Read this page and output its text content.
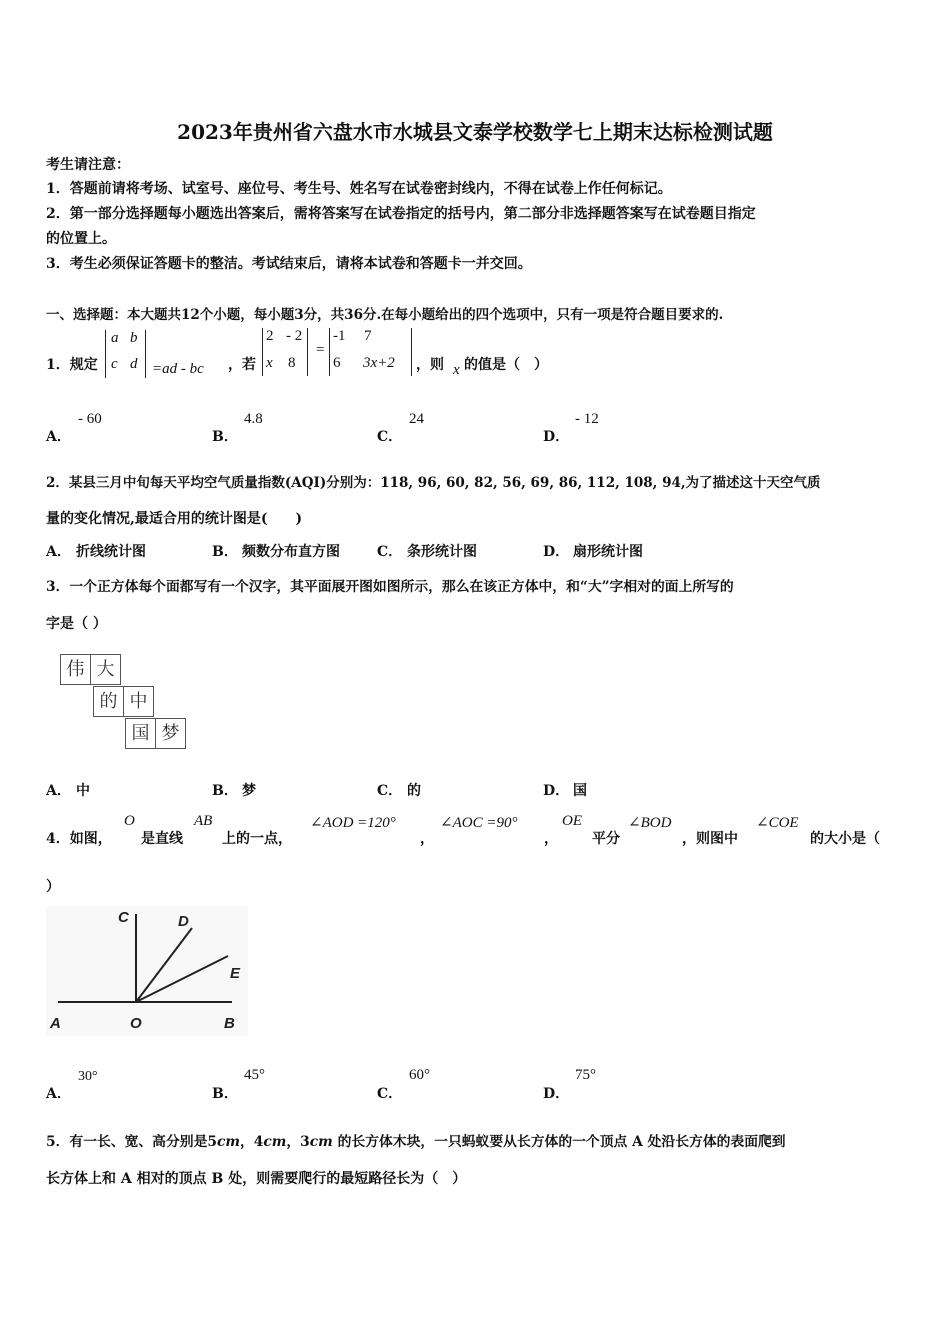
2023年贵州省六盘水市水城县文泰学校数学七上期末达标检测试题
考生请注意：
1．答题前请将考场、试室号、座位号、考生号、姓名写在试卷密封线内，不得在试卷上作任何标记。
2．第一部分选择题每小题选出答案后，需将答案写在试卷指定的括号内，第二部分非选择题答案写在试卷题目指定
的位置上。
3．考生必须保证答题卡的整洁。考试结束后，请将本试卷和答题卡一并交回。
一、选择题：本大题共12个小题，每小题3分，共36分.在每小题给出的四个选项中，只有一项是符合题目要求的.
1．规定
a b
c d =ad - bc ，若
2 - 2
x 8
=
-1 7
6 3x+2 ，则 x 的值是（　）
A．
- 60
B．
4.8
C．
24
D．
- 12
2．某县三月中旬每天平均空气质量指数(AQI)分别为：118, 96, 60, 82, 56, 69, 86, 112, 108, 94,为了描述这十天空气质
量的变化情况,最适合用的统计图是(　　)
A． 折线统计图	B． 频数分布直方图	C． 条形统计图	D． 扇形统计图
3．一个正方体每个面都写有一个汉字，其平面展开图如图所示，那么在该正方体中，和“大”字相对的面上所写的
字是（ ）
伟 大
的 中
国 梦
A． 中	B． 梦	C． 的	D． 国
4．如图，
O
是直线
AB
上的一点，
∠AOD =120°
，
∠AOC =90°
，
OE
平分
∠BOD
，则图中
∠COE
的大小是（
）
C	D
E
A	O	B
A．
30°
B．
45°
C．
60°
D．
75°
5．有一长、宽、高分别是5cm，4cm，3cm 的长方体木块，一只蚂蚁要从长方体的一个顶点 A 处沿长方体的表面爬到
长方体上和 A 相对的顶点 B 处，则需要爬行的最短路径长为（　）
